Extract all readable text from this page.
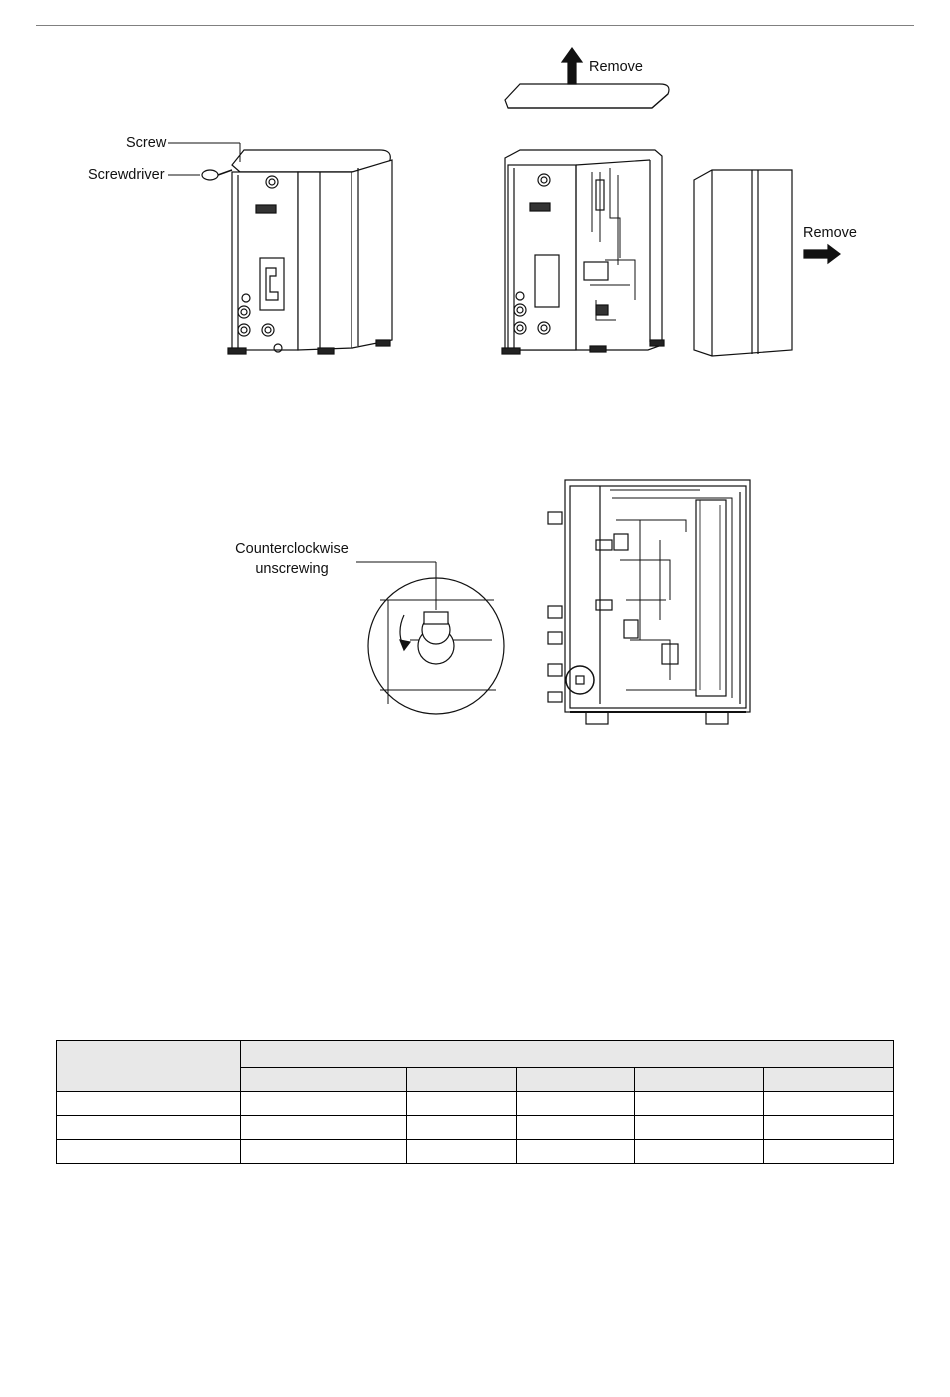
Screw
Screwdriver
Remove
Remove
Counterclockwise
unscrewing
